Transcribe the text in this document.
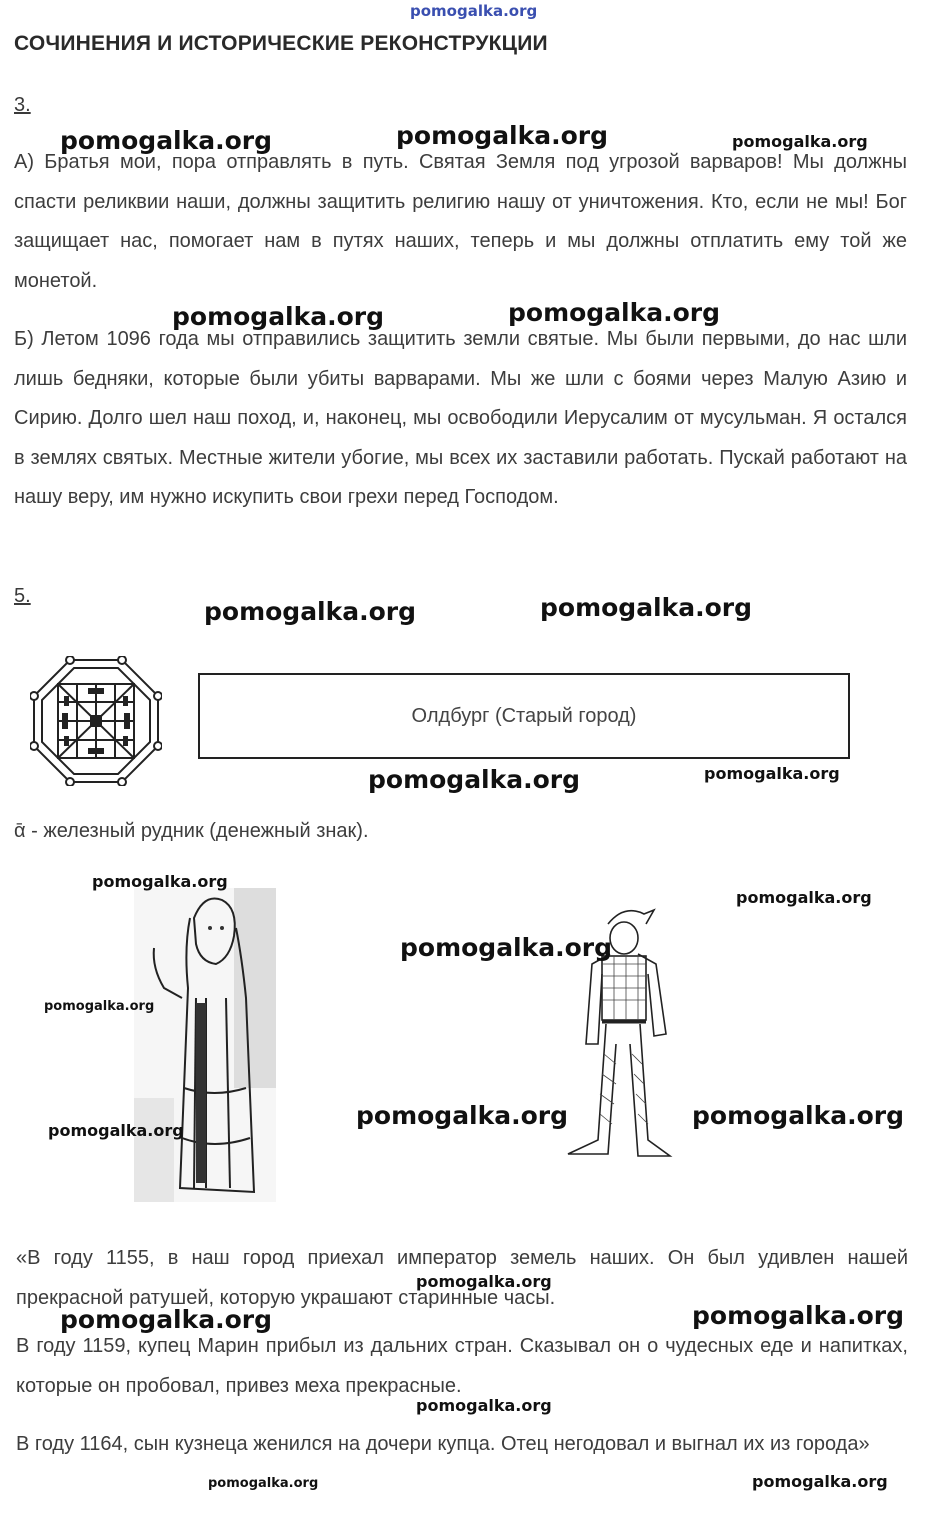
pomogalka.org
СОЧИНЕНИЯ И ИСТОРИЧЕСКИЕ РЕКОНСТРУКЦИИ
3.
А) Братья мои, пора отправлять в путь. Святая Земля под угрозой варваров! Мы должны спасти реликвии наши, должны защитить религию нашу от уничтожения. Кто, если не мы! Бог защищает нас, помогает нам в путях наших, теперь и мы должны отплатить ему той же монетой.
Б) Летом 1096 года мы отправились защитить земли святые. Мы были первыми, до нас шли лишь бедняки, которые были убиты варварами. Мы же шли с боями через Малую Азию и Сирию. Долго шел наш поход, и, наконец, мы освободили Иерусалим от мусульман. Я остался в землях святых. Местные жители убогие, мы всех их заставили работать. Пускай работают на нашу веру, им нужно искупить свои грехи перед Господом.
5.
Олдбург (Старый город)
ᾱ - железный рудник (денежный знак).
«В году 1155, в наш город приехал император земель наших. Он был удивлен нашей прекрасной ратушей, которую украшают старинные часы.
В году 1159, купец Марин прибыл из дальних стран. Сказывал он о чудесных еде и напитках, которые он пробовал, привез меха прекрасные.
В году 1164, сын кузнеца женился на дочери купца. Отец негодовал и выгнал их из города»
pomogalka.org	pomogalka.org	pomogalka.org
pomogalka.org	pomogalka.org
pomogalka.org	pomogalka.org
pomogalka.org	pomogalka.org
pomogalka.org
pomogalka.org
pomogalka.org
pomogalka.org
pomogalka.org
pomogalka.org	pomogalka.org
pomogalka.org
pomogalka.org	pomogalka.org
pomogalka.org
pomogalka.org	pomogalka.org
